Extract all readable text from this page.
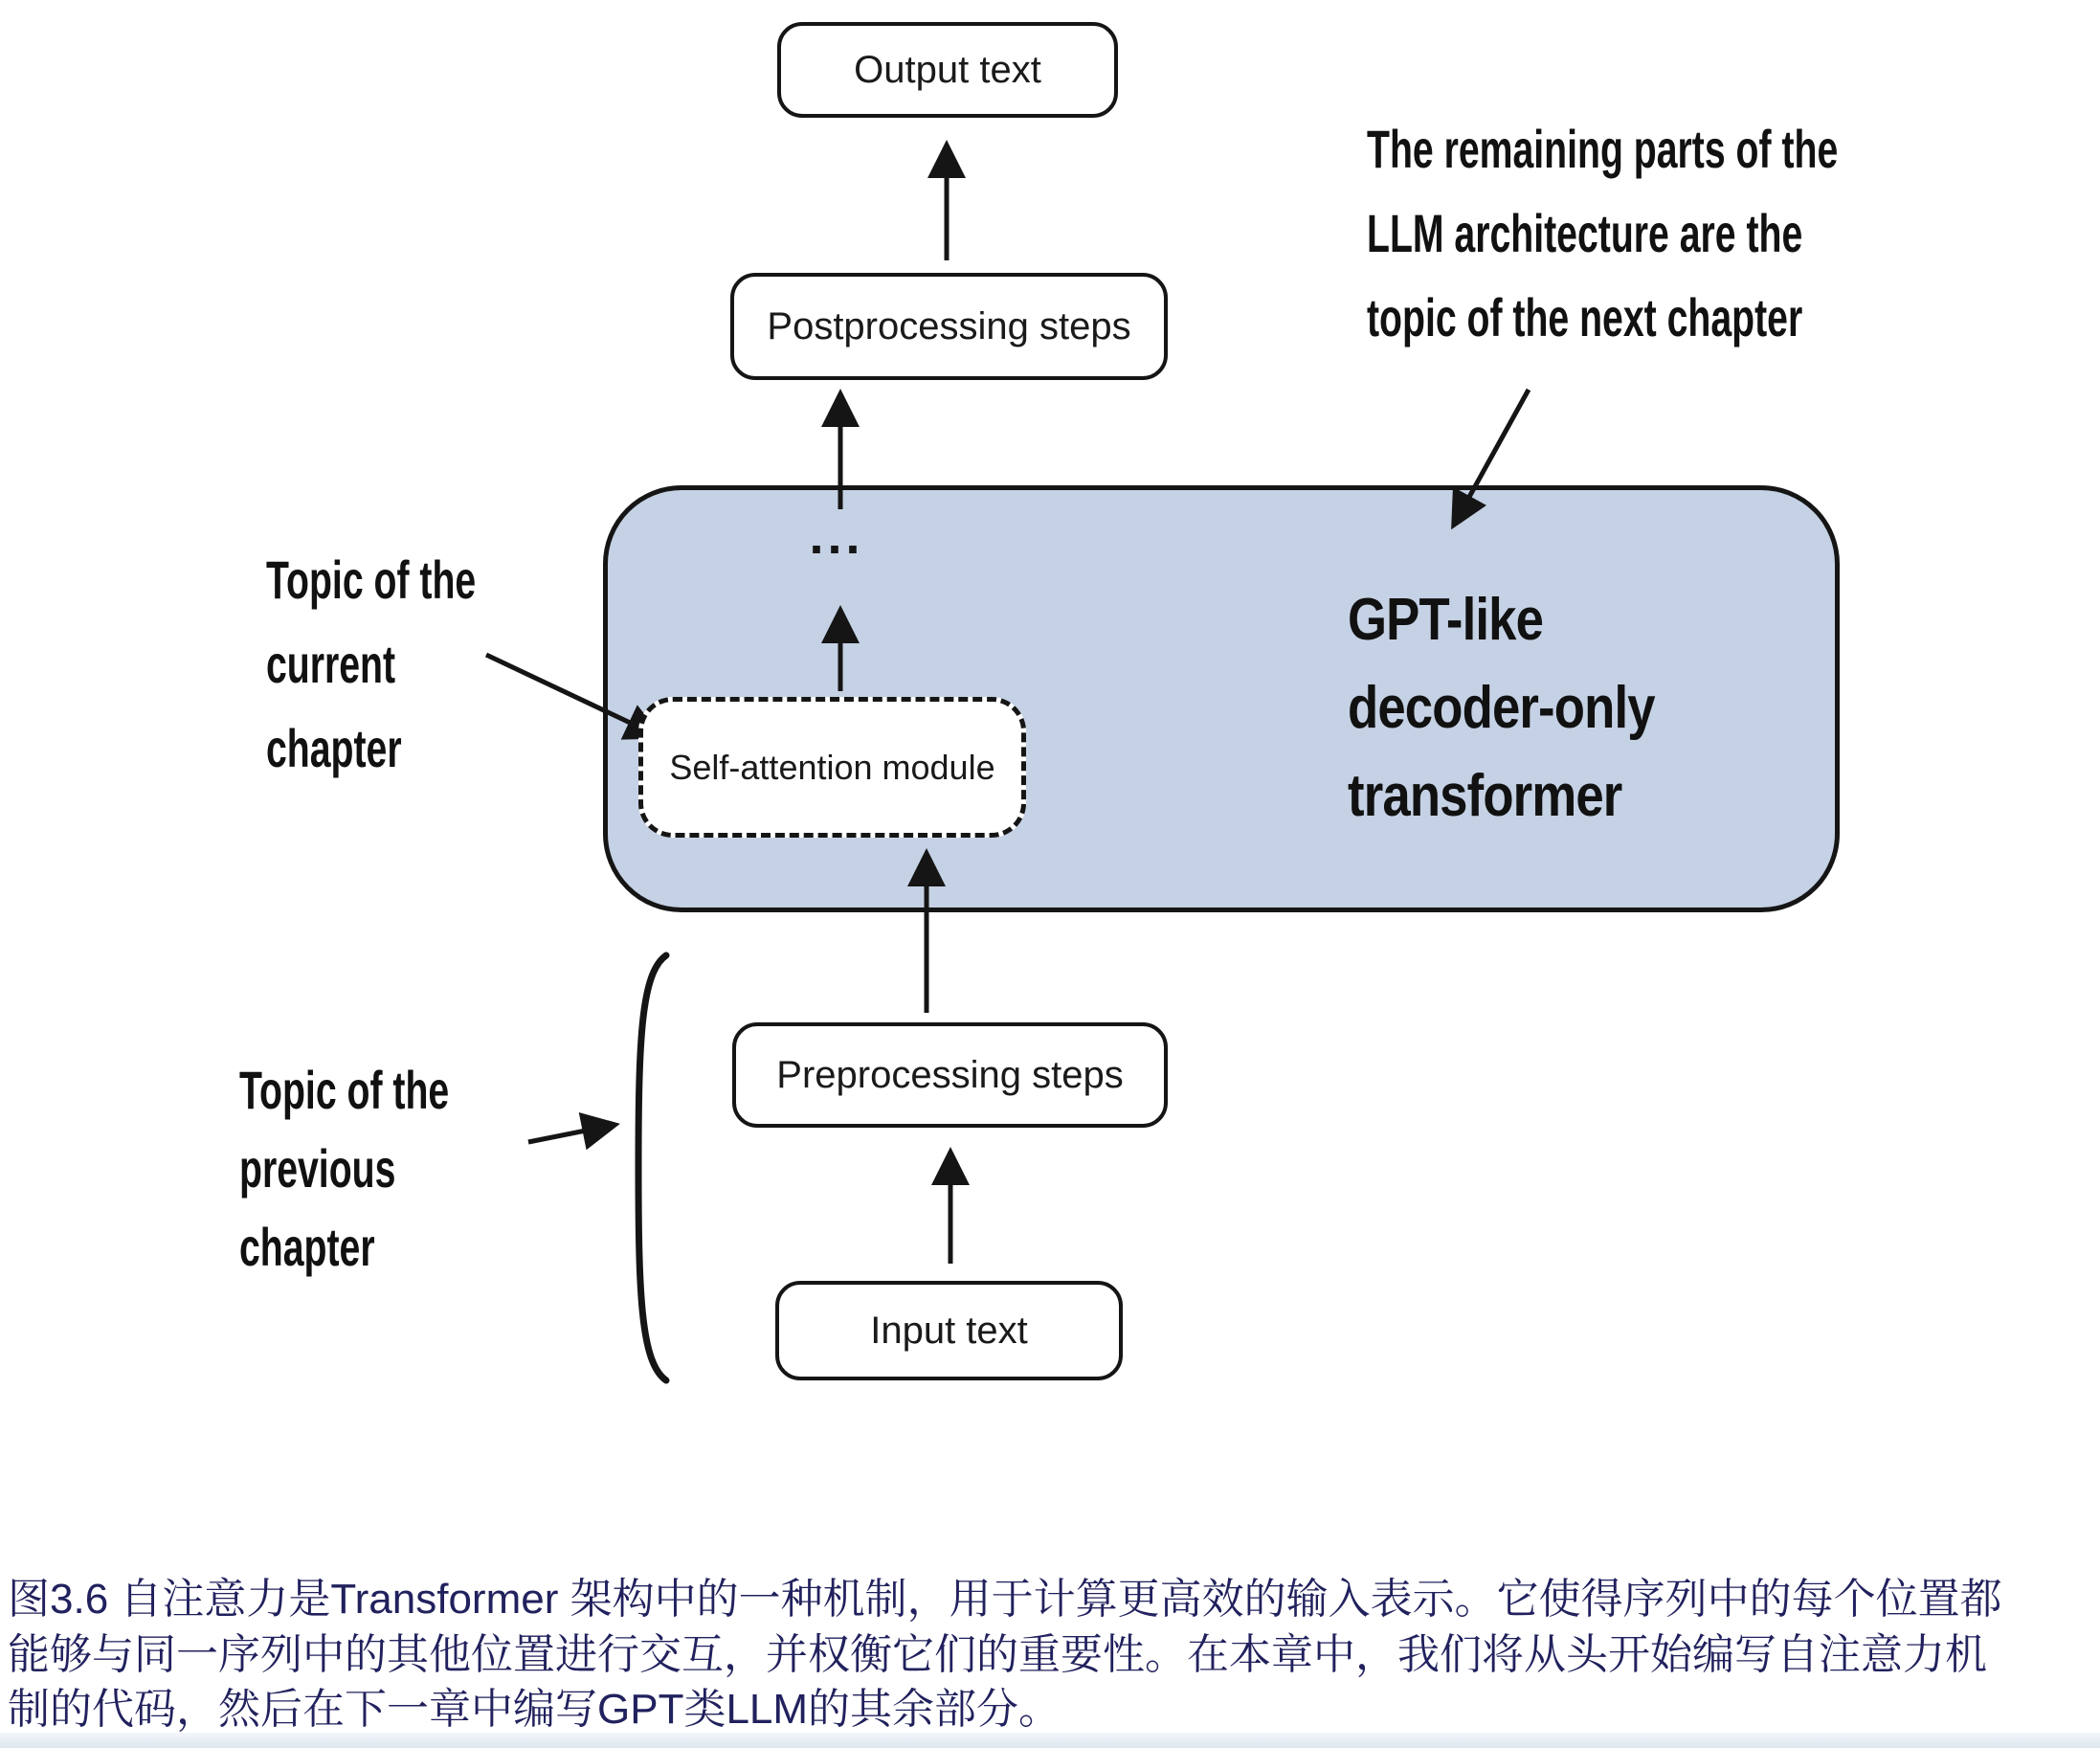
Output text
Postprocessing steps
...
Self-attention module
GPT-like
decoder-only
transformer
Preprocessing steps
Input text
The remaining parts of the
LLM architecture are the
topic of the next chapter
Topic of the
current
chapter
Topic of the
previous
chapter
图3.6 自注意力是Transformer 架构中的一种机制，用于计算更高效的输入表示。它使得序列中的每个位置都
能够与同一序列中的其他位置进行交互，并权衡它们的重要性。在本章中，我们将从头开始编写自注意力机
制的代码，然后在下一章中编写GPT类LLM的其余部分。
